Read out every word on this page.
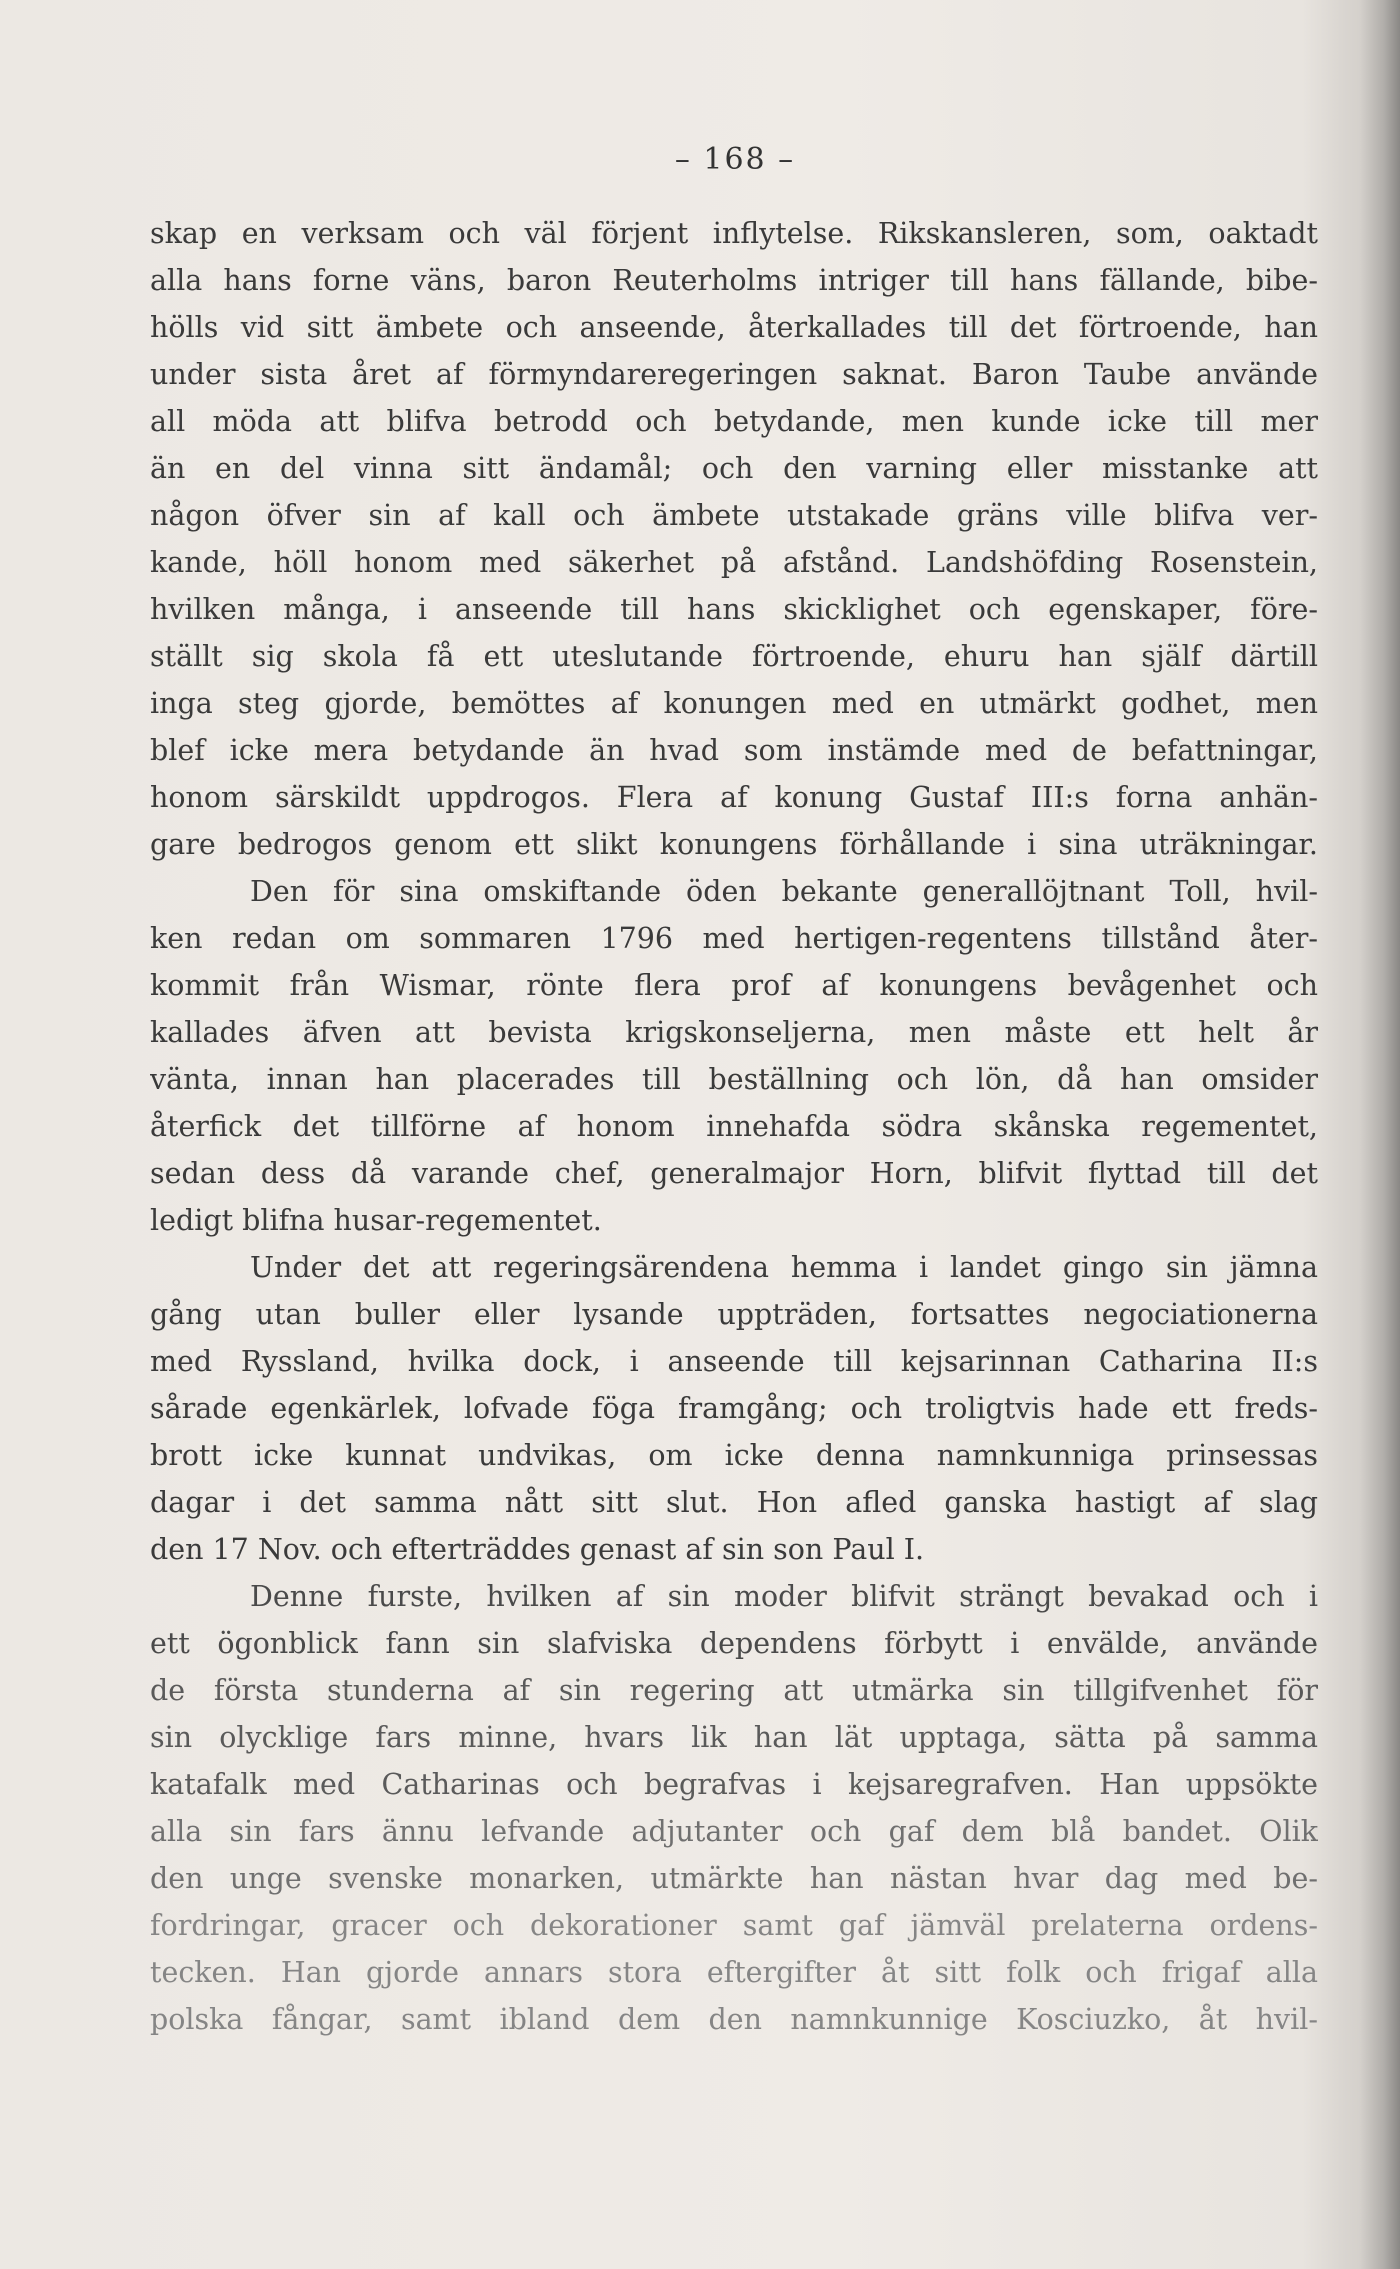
– 168 –
skap en verksam och väl förjent inflytelse. Rikskansleren, som, oaktadt
alla hans forne väns, baron Reuterholms intriger till hans fällande, bibe-
hölls vid sitt ämbete och anseende, återkallades till det förtroende, han
under sista året af förmyndareregeringen saknat. Baron Taube använde
all möda att blifva betrodd och betydande, men kunde icke till mer
än en del vinna sitt ändamål; och den varning eller misstanke att
någon öfver sin af kall och ämbete utstakade gräns ville blifva ver-
kande, höll honom med säkerhet på afstånd. Landshöfding Rosenstein,
hvilken många, i anseende till hans skicklighet och egenskaper, före-
ställt sig skola få ett uteslutande förtroende, ehuru han själf därtill
inga steg gjorde, bemöttes af konungen med en utmärkt godhet, men
blef icke mera betydande än hvad som instämde med de befattningar,
honom särskildt uppdrogos. Flera af konung Gustaf III:s forna anhän-
gare bedrogos genom ett slikt konungens förhållande i sina uträkningar.
Den för sina omskiftande öden bekante generallöjtnant Toll, hvil-
ken redan om sommaren 1796 med hertigen-regentens tillstånd åter-
kommit från Wismar, rönte flera prof af konungens bevågenhet och
kallades äfven att bevista krigskonseljerna, men måste ett helt år
vänta, innan han placerades till beställning och lön, då han omsider
återfick det tillförne af honom innehafda södra skånska regementet,
sedan dess då varande chef, generalmajor Horn, blifvit flyttad till det
ledigt blifna husar-regementet.
Under det att regeringsärendena hemma i landet gingo sin jämna
gång utan buller eller lysande uppträden, fortsattes negociationerna
med Ryssland, hvilka dock, i anseende till kejsarinnan Catharina II:s
sårade egenkärlek, lofvade föga framgång; och troligtvis hade ett freds-
brott icke kunnat undvikas, om icke denna namnkunniga prinsessas
dagar i det samma nått sitt slut. Hon afled ganska hastigt af slag
den 17 Nov. och efterträddes genast af sin son Paul I.
Denne furste, hvilken af sin moder blifvit strängt bevakad och i
ett ögonblick fann sin slafviska dependens förbytt i envälde, använde
de första stunderna af sin regering att utmärka sin tillgifvenhet för
sin olycklige fars minne, hvars lik han lät upptaga, sätta på samma
katafalk med Catharinas och begrafvas i kejsaregrafven. Han uppsökte
alla sin fars ännu lefvande adjutanter och gaf dem blå bandet. Olik
den unge svenske monarken, utmärkte han nästan hvar dag med be-
fordringar, gracer och dekorationer samt gaf jämväl prelaterna ordens-
tecken. Han gjorde annars stora eftergifter åt sitt folk och frigaf alla
polska fångar, samt ibland dem den namnkunnige Kosciuzko, åt hvil-
